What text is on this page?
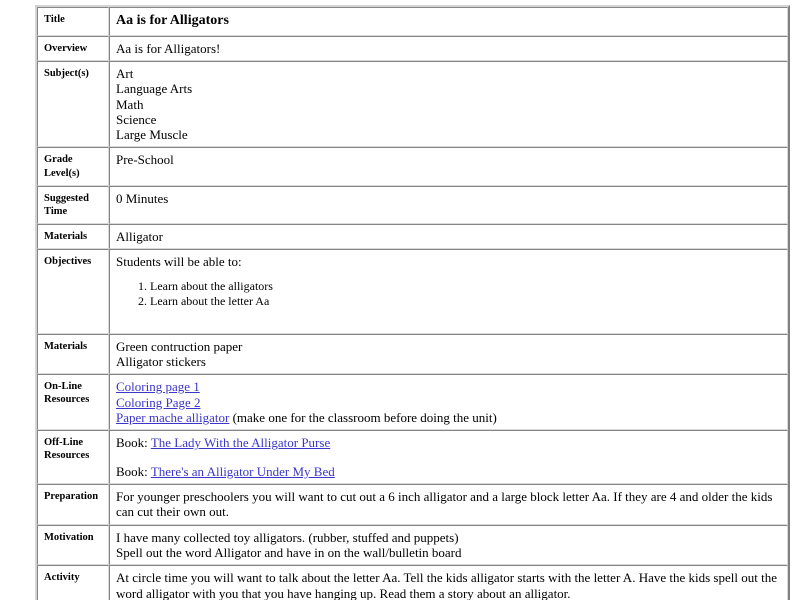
Title	Aa is for Alligators

Overview	Aa is for Alligators!

Subject(s)	Art
Language Arts
Math
Science
Large Muscle

Grade Level(s)	Pre-School

Suggested Time	0 Minutes

Materials	Alligator

Objectives	Students will be able to:
1. Learn about the alligators
2. Learn about the letter Aa

Materials	Green contruction paper
Alligator stickers

On-Line Resources	Coloring page 1
Coloring Page 2
Paper mache alligator (make one for the classroom before doing the unit)

Off-Line Resources	Book: The Lady With the Alligator Purse
Book: There's an Alligator Under My Bed

Preparation	For younger preschoolers you will want to cut out a 6 inch alligator and a large block letter Aa. If they are 4 and older the kids can cut their own out.

Motivation	I have many collected toy alligators. (rubber, stuffed and puppets)
Spell out the word Alligator and have in on the wall/bulletin board

Activity	At circle time you will want to talk about the letter Aa. Tell the kids alligator starts with the letter A. Have the kids spell out the word alligator with you that you have hanging up. Read them a story about an alligator.
